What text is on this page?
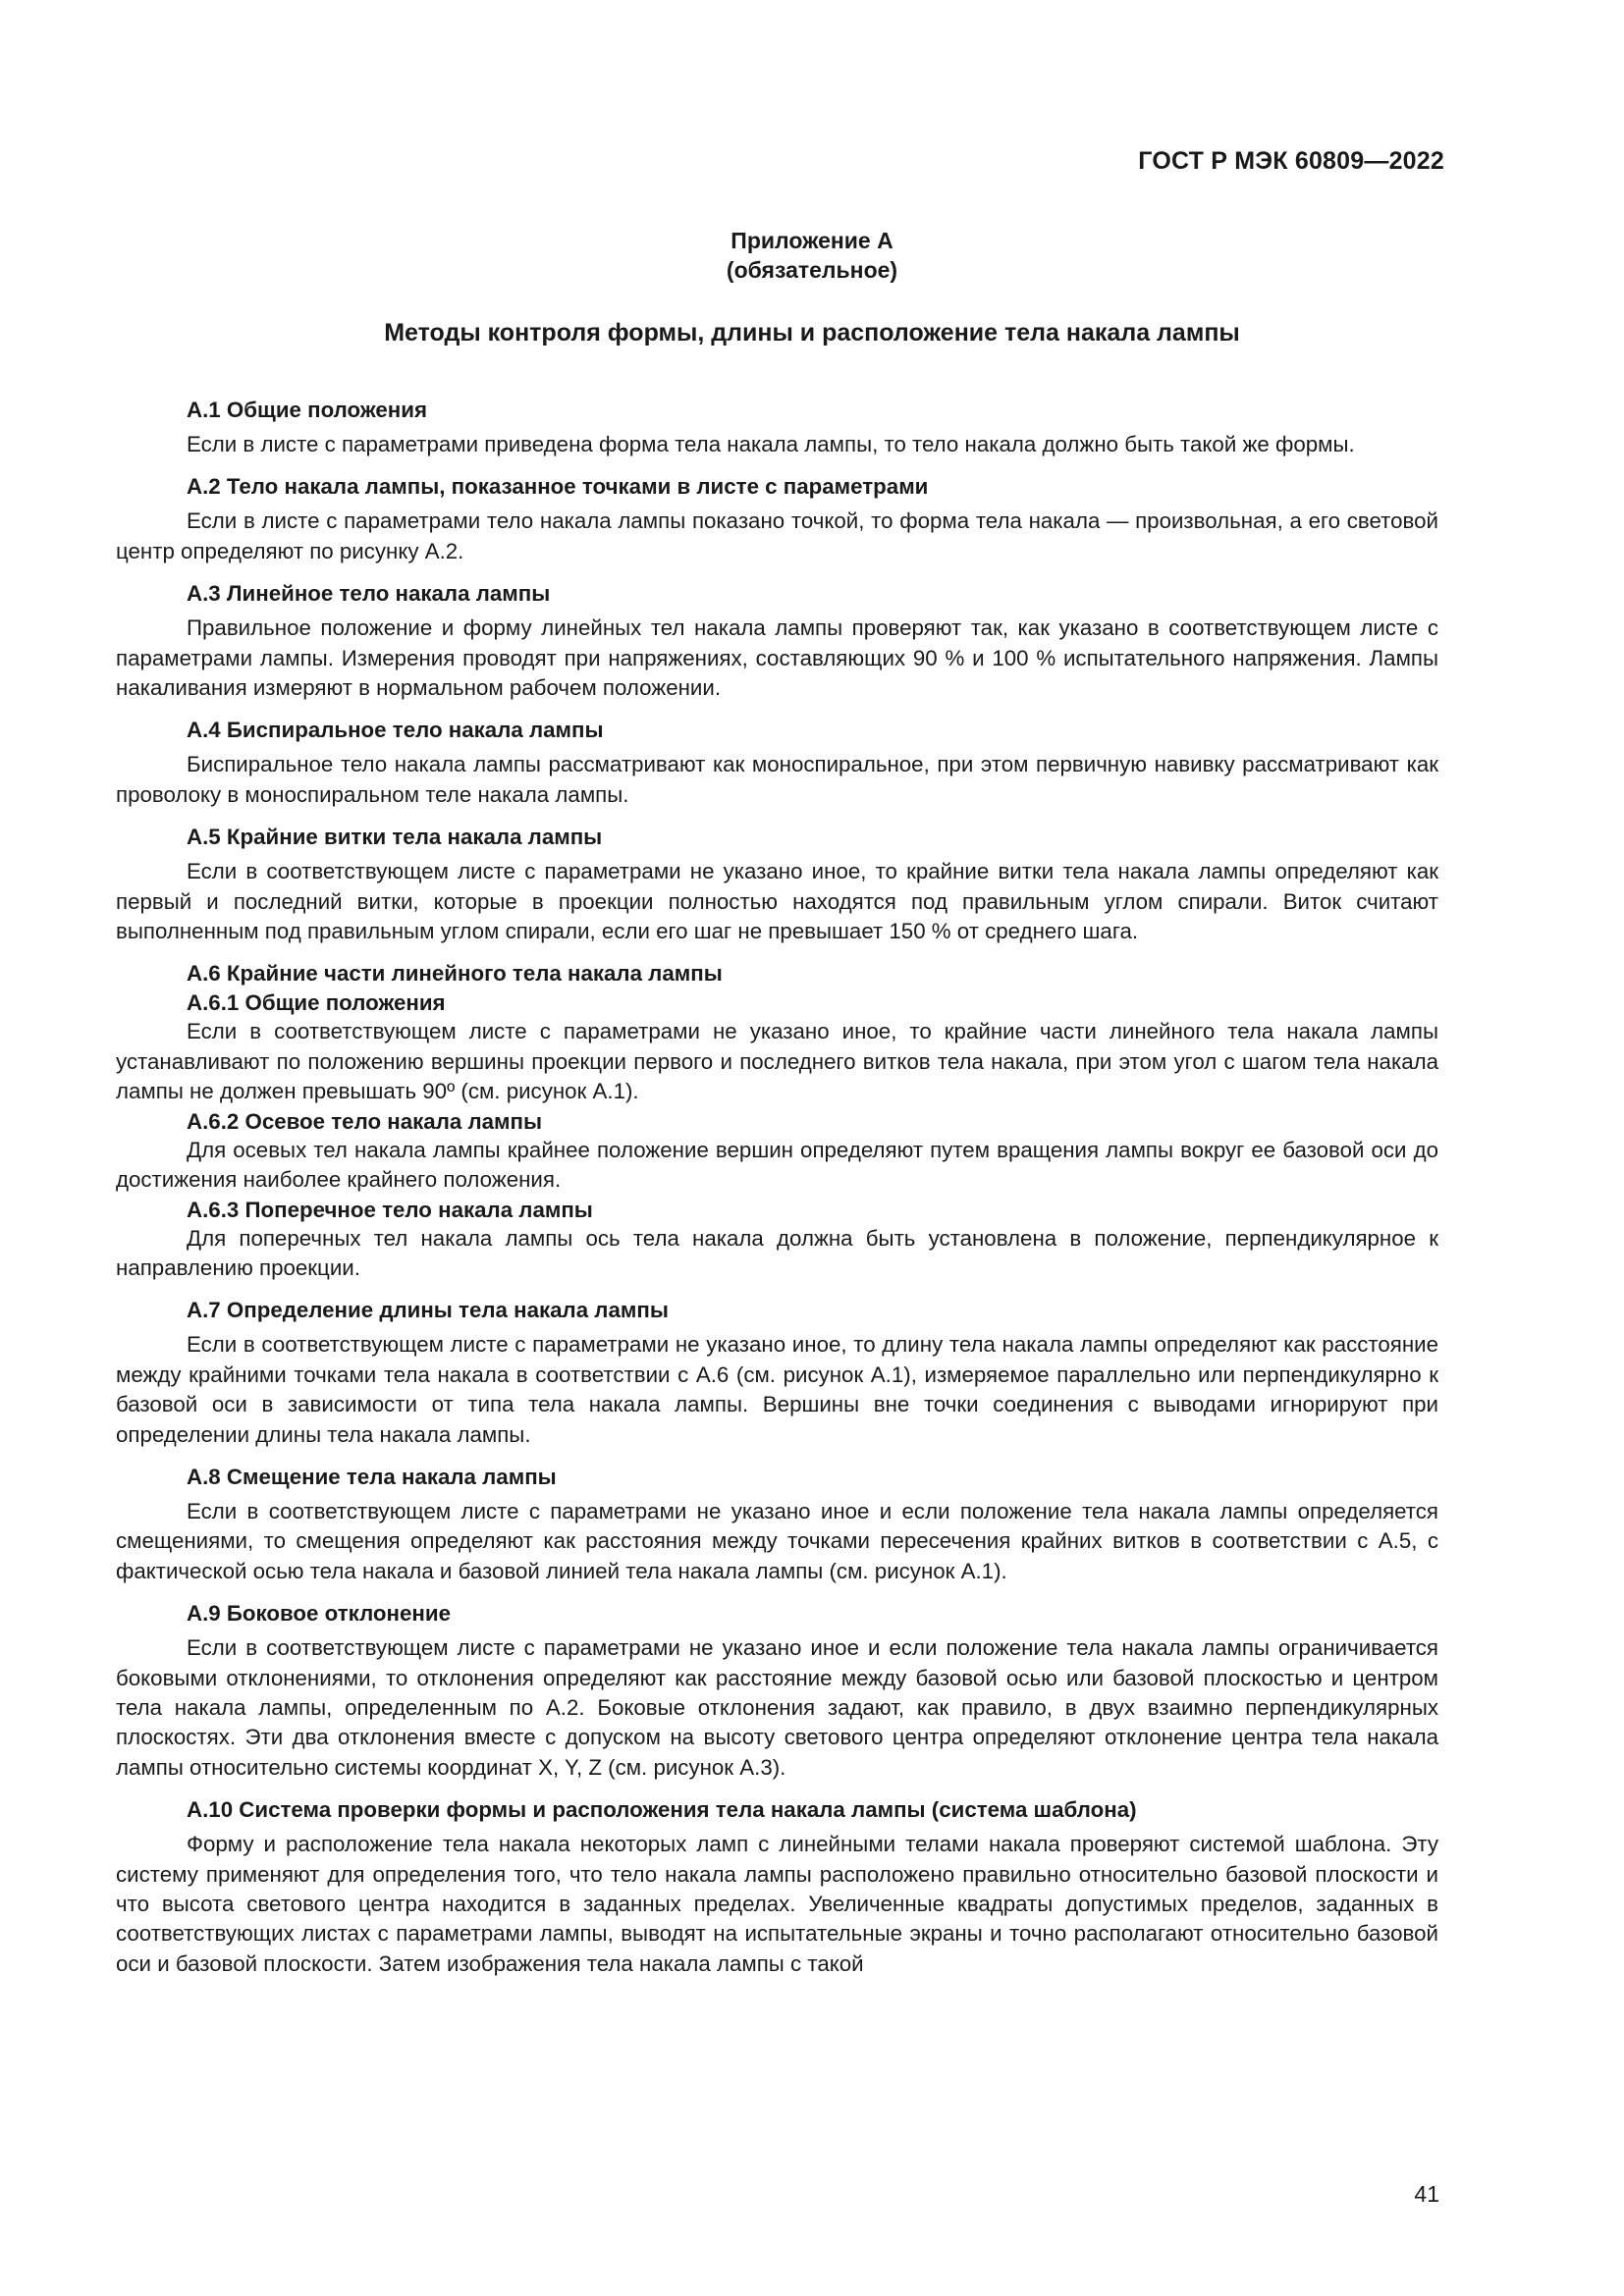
ГОСТ Р МЭК 60809—2022
Приложение А
(обязательное)
Методы контроля формы, длины и расположение тела накала лампы
А.1 Общие положения

Если в листе с параметрами приведена форма тела накала лампы, то тело накала должно быть такой же формы.

А.2 Тело накала лампы, показанное точками в листе с параметрами

Если в листе с параметрами тело накала лампы показано точкой, то форма тела накала — произвольная, а его световой центр определяют по рисунку А.2.

А.3 Линейное тело накала лампы

Правильное положение и форму линейных тел накала лампы проверяют так, как указано в соответствующем листе с параметрами лампы. Измерения проводят при напряжениях, составляющих 90 % и 100 % испытательного напряжения. Лампы накаливания измеряют в нормальном рабочем положении.

А.4 Биспиральное тело накала лампы

Биспиральное тело накала лампы рассматривают как моноспиральное, при этом первичную навивку рассматривают как проволоку в моноспиральном теле накала лампы.

А.5 Крайние витки тела накала лампы

Если в соответствующем листе с параметрами не указано иное, то крайние витки тела накала лампы определяют как первый и последний витки, которые в проекции полностью находятся под правильным углом спирали. Виток считают выполненным под правильным углом спирали, если его шаг не превышает 150 % от среднего шага.

А.6 Крайние части линейного тела накала лампы
А.6.1 Общие положения

Если в соответствующем листе с параметрами не указано иное, то крайние части линейного тела накала лампы устанавливают по положению вершины проекции первого и последнего витков тела накала, при этом угол с шагом тела накала лампы не должен превышать 90º (см. рисунок А.1).

А.6.2 Осевое тело накала лампы

Для осевых тел накала лампы крайнее положение вершин определяют путем вращения лампы вокруг ее базовой оси до достижения наиболее крайнего положения.

А.6.3 Поперечное тело накала лампы

Для поперечных тел накала лампы ось тела накала должна быть установлена в положение, перпендикулярное к направлению проекции.

А.7 Определение длины тела накала лампы

Если в соответствующем листе с параметрами не указано иное, то длину тела накала лампы определяют как расстояние между крайними точками тела накала в соответствии с А.6 (см. рисунок А.1), измеряемое параллельно или перпендикулярно к базовой оси в зависимости от типа тела накала лампы. Вершины вне точки соединения с выводами игнорируют при определении длины тела накала лампы.

А.8 Смещение тела накала лампы

Если в соответствующем листе с параметрами не указано иное и если положение тела накала лампы определяется смещениями, то смещения определяют как расстояния между точками пересечения крайних витков в соответствии с А.5, с фактической осью тела накала и базовой линией тела накала лампы (см. рисунок А.1).

А.9 Боковое отклонение

Если в соответствующем листе с параметрами не указано иное и если положение тела накала лампы ограничивается боковыми отклонениями, то отклонения определяют как расстояние между базовой осью или базовой плоскостью и центром тела накала лампы, определенным по А.2. Боковые отклонения задают, как правило, в двух взаимно перпендикулярных плоскостях. Эти два отклонения вместе с допуском на высоту светового центра определяют отклонение центра тела накала лампы относительно системы координат X, Y, Z (см. рисунок А.3).

А.10 Система проверки формы и расположения тела накала лампы (система шаблона)

Форму и расположение тела накала некоторых ламп с линейными телами накала проверяют системой шаблона. Эту систему применяют для определения того, что тело накала лампы расположено правильно относительно базовой плоскости и что высота светового центра находится в заданных пределах. Увеличенные квадраты допустимых пределов, заданных в соответствующих листах с параметрами лампы, выводят на испытательные экраны и точно располагают относительно базовой оси и базовой плоскости. Затем изображения тела накала лампы с такой

41
